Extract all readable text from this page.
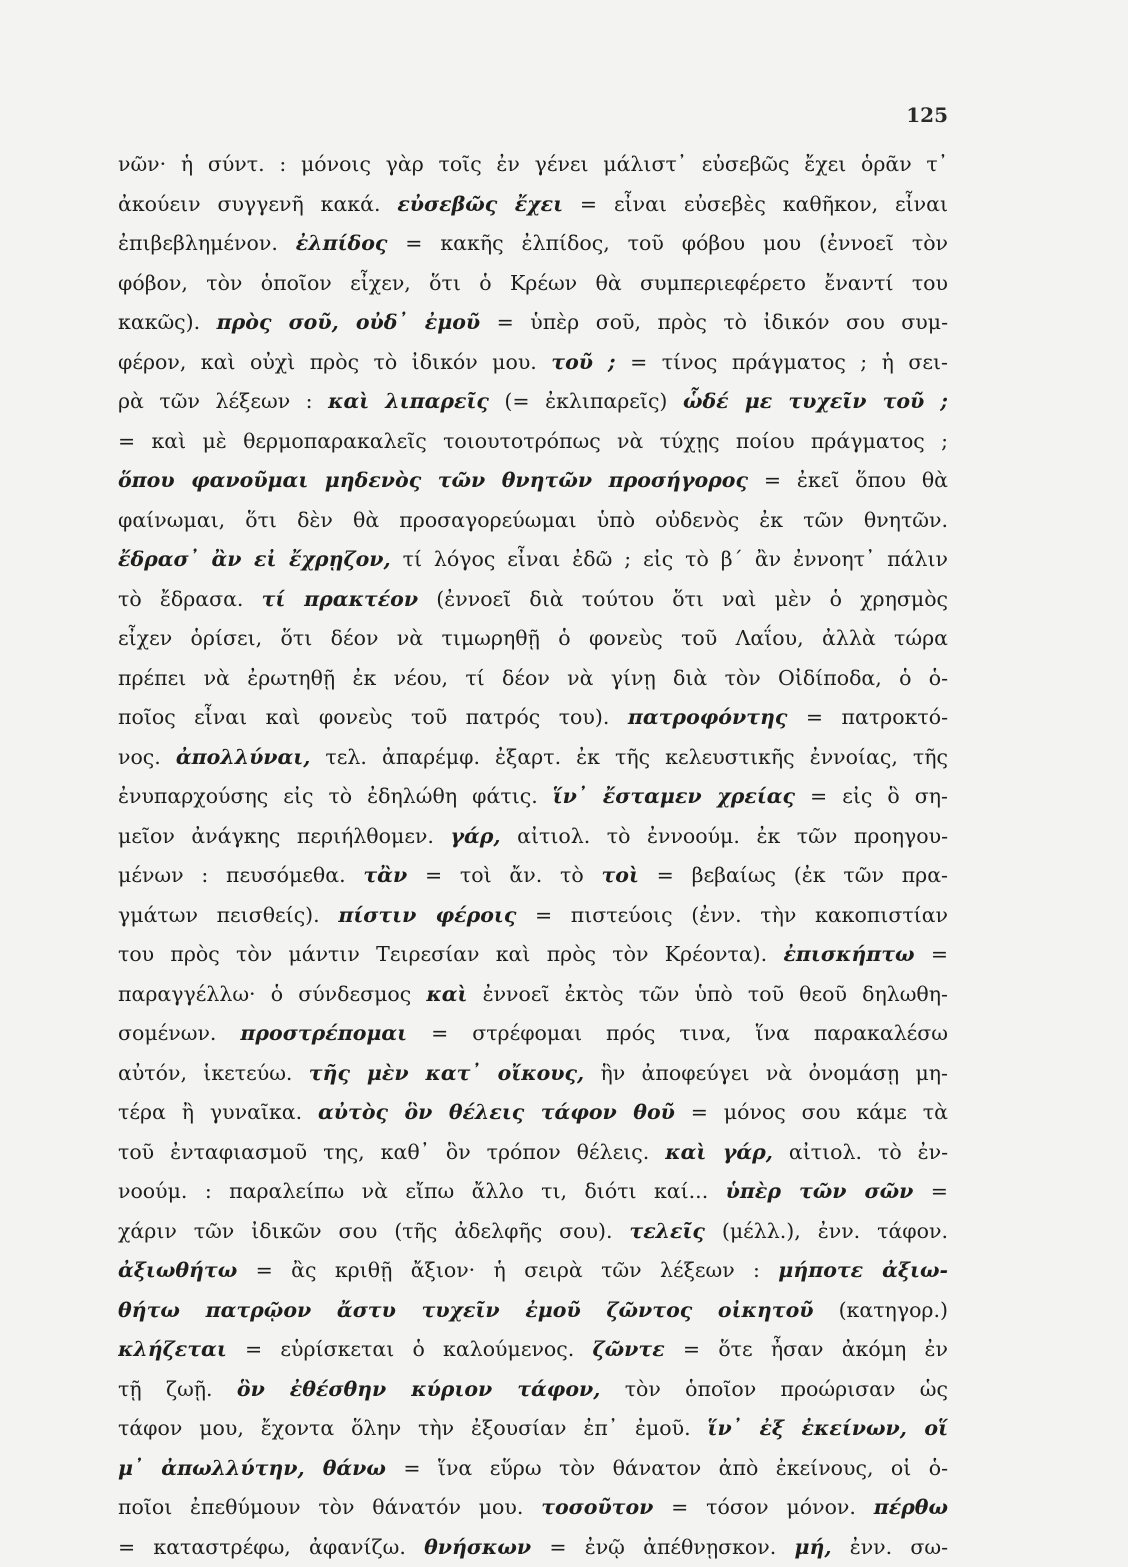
125
νῶν· ἡ σύντ. : μόνοις γὰρ τοῖς ἐν γένει μάλιστ᾽ εὐσεβῶς ἔχει ὁρᾶν τ᾽
ἀκούειν συγγενῆ κακά. εὐσεβῶς ἔχει = εἶναι εὐσεβὲς καθῆκον, εἶναι
ἐπιβεβλημένον. ἐλπίδος = κακῆς ἐλπίδος, τοῦ φόβου μου (ἐννοεῖ τὸν
φόβον, τὸν ὁποῖον εἶχεν, ὅτι ὁ Κρέων θὰ συμπεριεφέρετο ἔναντί του
κακῶς). πρὸς σοῦ, οὐδ᾽ ἐμοῦ = ὑπὲρ σοῦ, πρὸς τὸ ἰδικόν σου συμ-
φέρον, καὶ οὐχὶ πρὸς τὸ ἰδικόν μου. τοῦ ; = τίνος πράγματος ; ἡ σει-
ρὰ τῶν λέξεων : καὶ λιπαρεῖς (= ἐκλιπαρεῖς) ὧδέ με τυχεῖν τοῦ ;
= καὶ μὲ θερμοπαρακαλεῖς τοιουτοτρόπως νὰ τύχῃς ποίου πράγματος ;
ὅπου φανοῦμαι μηδενὸς τῶν θνητῶν προσήγορος = ἐκεῖ ὅπου θὰ
φαίνωμαι, ὅτι δὲν θὰ προσαγορεύωμαι ὑπὸ οὐδενὸς ἐκ τῶν θνητῶν.
ἔδρασ᾽ ἂν εἰ ἔχρῃζον, τί λόγος εἶναι ἐδῶ ; εἰς τὸ β΄ ἂν ἐννοητ᾽ πάλιν
τὸ ἔδρασα. τί πρακτέον (ἐννοεῖ διὰ τούτου ὅτι ναὶ μὲν ὁ χρησμὸς
εἶχεν ὁρίσει, ὅτι δέον νὰ τιμωρηθῇ ὁ φονεὺς τοῦ Λαΐου, ἀλλὰ τώρα
πρέπει νὰ ἐρωτηθῇ ἐκ νέου, τί δέον νὰ γίνῃ διὰ τὸν Οἰδίποδα, ὁ ὁ-
ποῖος εἶναι καὶ φονεὺς τοῦ πατρός του). πατροφόντης = πατροκτό-
νος. ἀπολλύναι, τελ. ἀπαρέμφ. ἐξαρτ. ἐκ τῆς κελευστικῆς ἐννοίας, τῆς
ἐνυπαρχούσης εἰς τὸ ἐδηλώθη φάτις. ἵν᾽ ἔσταμεν χρείας = εἰς ὃ ση-
μεῖον ἀνάγκης περιήλθομεν. γάρ, αἰτιολ. τὸ ἐννοούμ. ἐκ τῶν προηγου-
μένων : πευσόμεθα. τἂν = τοὶ ἄν. τὸ τοὶ = βεβαίως (ἐκ τῶν πρα-
γμάτων πεισθείς). πίστιν φέροις = πιστεύοις (ἐνν. τὴν κακοπιστίαν
του πρὸς τὸν μάντιν Τειρεσίαν καὶ πρὸς τὸν Κρέοντα). ἐπισκήπτω =
παραγγέλλω· ὁ σύνδεσμος καὶ ἐννοεῖ ἐκτὸς τῶν ὑπὸ τοῦ θεοῦ δηλωθη-
σομένων. προστρέπομαι = στρέφομαι πρός τινα, ἵνα παρακαλέσω
αὐτόν, ἱκετεύω. τῆς μὲν κατ᾽ οἴκους, ἣν ἀποφεύγει νὰ ὀνομάσῃ μη-
τέρα ἢ γυναῖκα. αὐτὸς ὃν θέλεις τάφον θοῦ = μόνος σου κάμε τὰ
τοῦ ἐνταφιασμοῦ της, καθ᾽ ὃν τρόπον θέλεις. καὶ γάρ, αἰτιολ. τὸ ἐν-
νοούμ. : παραλείπω νὰ εἴπω ἄλλο τι, διότι καί... ὑπὲρ τῶν σῶν =
χάριν τῶν ἰδικῶν σου (τῆς ἀδελφῆς σου). τελεῖς (μέλλ.), ἐνν. τάφον.
ἀξιωθήτω = ἂς κριθῇ ἄξιον· ἡ σειρὰ τῶν λέξεων : μήποτε ἀξιω-
θήτω πατρῷον ἄστυ τυχεῖν ἐμοῦ ζῶντος οἰκητοῦ (κατηγορ.)
κλήζεται = εὑρίσκεται ὁ καλούμενος. ζῶντε = ὅτε ἦσαν ἀκόμη ἐν
τῇ ζωῇ. ὃν ἐθέσθην κύριον τάφον, τὸν ὁποῖον προώρισαν ὡς
τάφον μου, ἔχοντα ὅλην τὴν ἐξουσίαν ἐπ᾽ ἐμοῦ. ἵν᾽ ἐξ ἐκείνων, οἵ
μ᾽ ἀπωλλύτην, θάνω = ἵνα εὕρω τὸν θάνατον ἀπὸ ἐκείνους, οἱ ὁ-
ποῖοι ἐπεθύμουν τὸν θάνατόν μου. τοσοῦτον = τόσον μόνον. πέρθω
= καταστρέφω, ἀφανίζω. θνήσκων = ἐνῷ ἀπέθνῃσκον. μή, ἐνν. σω-
